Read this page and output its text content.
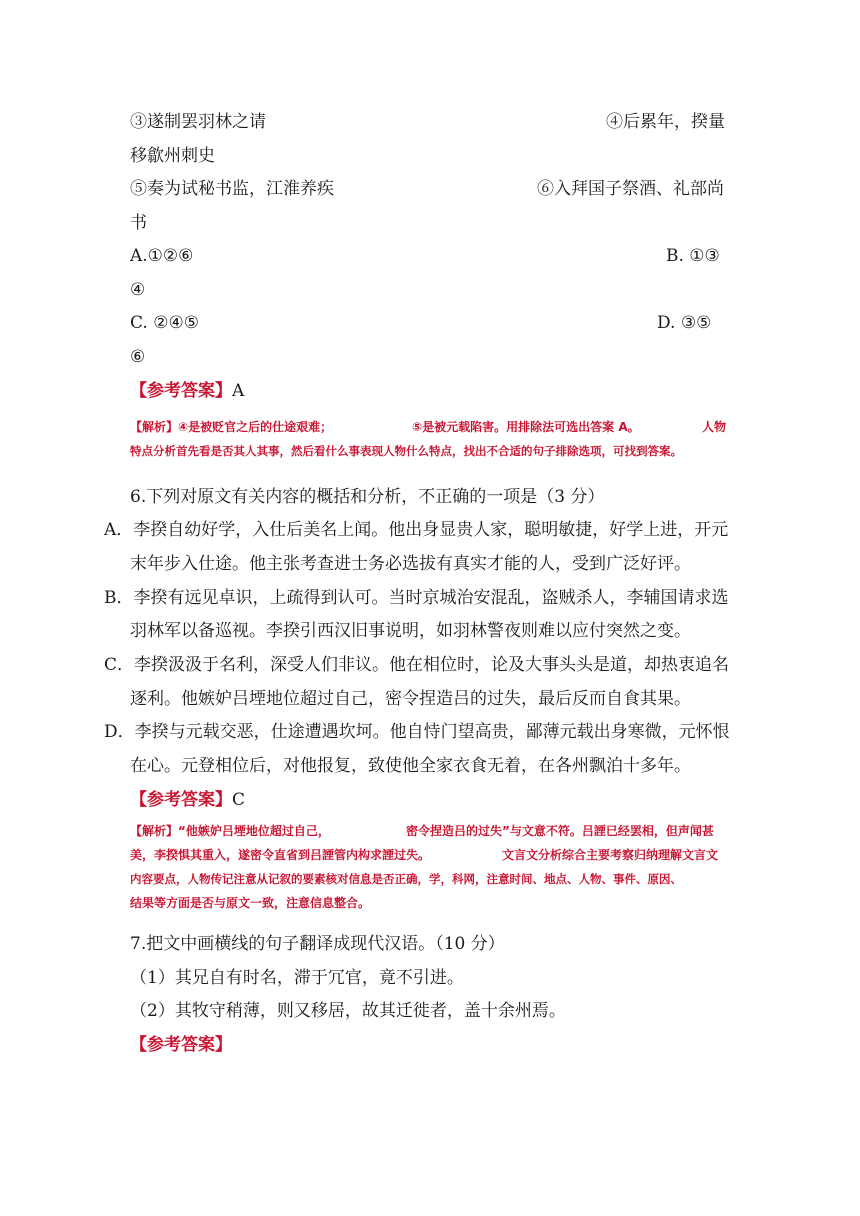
③遂制罢羽林之请	④后累年，揆量
移歙州刺史
⑤奏为试秘书监，江淮养疾	⑥入拜国子祭酒、礼部尚
书
A.①②⑥	B. ①③
④
C. ②④⑤	D. ③⑤
⑥
【参考答案】A
【解析】④是被贬官之后的仕途艰难；	⑤是被元载陷害。用排除法可选出答案 A。	人物
特点分析首先看是否其人其事，然后看什么事表现人物什么特点，找出不合适的句子排除选项，可找到答案。
6.下列对原文有关内容的概括和分析，不正确的一项是（3 分）
A．李揆自幼好学，入仕后美名上闻。他出身显贵人家，聪明敏捷，好学上进，开元
末年步入仕途。他主张考查进士务必选拔有真实才能的人，受到广泛好评。
B．李揆有远见卓识，上疏得到认可。当时京城治安混乱，盗贼杀人，李辅国请求选
羽林军以备巡视。李揆引西汉旧事说明，如羽林警夜则难以应付突然之变。
C．李揆汲汲于名利，深受人们非议。他在相位时，论及大事头头是道，却热衷追名
逐利。他嫉妒吕堙地位超过自己，密令捏造吕的过失，最后反而自食其果。
D．李揆与元载交恶，仕途遭遇坎坷。他自恃门望高贵，鄙薄元载出身寒微，元怀恨
在心。元登相位后，对他报复，致使他全家衣食无着，在各州飘泊十多年。
【参考答案】C
【解析】“他嫉妒吕堙地位超过自己，	密令捏造吕的过失”与文意不符。吕諲已经罢相，但声闻甚
美，李揆惧其重入，遂密令直省到吕諲管内构求諲过失。	文言文分析综合主要考察归纳理解文言文
内容要点，人物传记注意从记叙的要素核对信息是否正确，学，科网，注意时间、地点、人物、事件、原因、
结果等方面是否与原文一致，注意信息整合。
7.把文中画横线的句子翻译成现代汉语。（10 分）
（1）其兄自有时名，滞于冗官，竟不引进。
（2）其牧守稍薄，则又移居，故其迁徙者，盖十余州焉。
【参考答案】
